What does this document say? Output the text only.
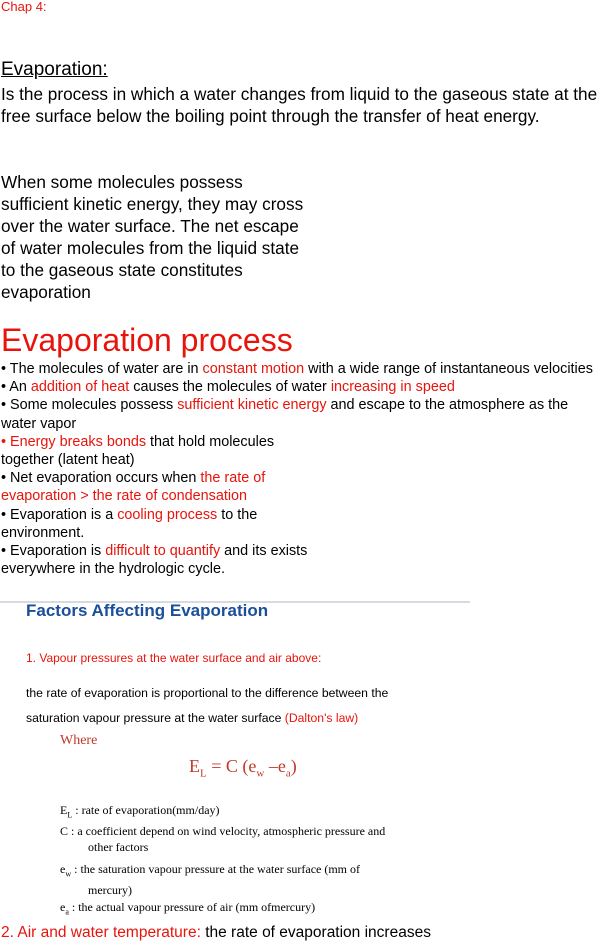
Chap 4:
Evaporation:
Is the process in which a water changes from liquid to the gaseous state at the free surface below the boiling point through the transfer of heat energy.
When some molecules possess sufficient kinetic energy, they may cross over the water surface. The net escape of water molecules from the liquid state to the gaseous state constitutes evaporation
Evaporation process

• The molecules of water are in constant motion with a wide range of instantaneous velocities

• An addition of heat causes the molecules of water increasing in speed

• Some molecules possess sufficient kinetic energy and escape to the atmosphere as the water vapor

• Energy breaks bonds that hold molecules
together (latent heat)

• Net evaporation occurs when the rate of
evaporation > the rate of condensation

• Evaporation is a cooling process to the
environment.

• Evaporation is difficult to quantify and its exists
everywhere in the hydrologic cycle.

Factors Affecting Evaporation
1. Vapour pressures at the water surface and air above:
the rate of evaporation is proportional to the difference between the
saturation vapour pressure at the water surface (Dalton's law)
Where
$E_L = C$ ($e_w$ $-e_a$)
$E_L$ : rate of evaporation(mm/day)
C : a coefficient depend on wind velocity, atmospheric pressure and
other factors
$e_w$ : the saturation vapour pressure at the water surface (mm of
mercury)
$e_a$ : the actual vapour pressure of air (mm ofmercury)
2. Air and water temperature: the rate of evaporation increases
